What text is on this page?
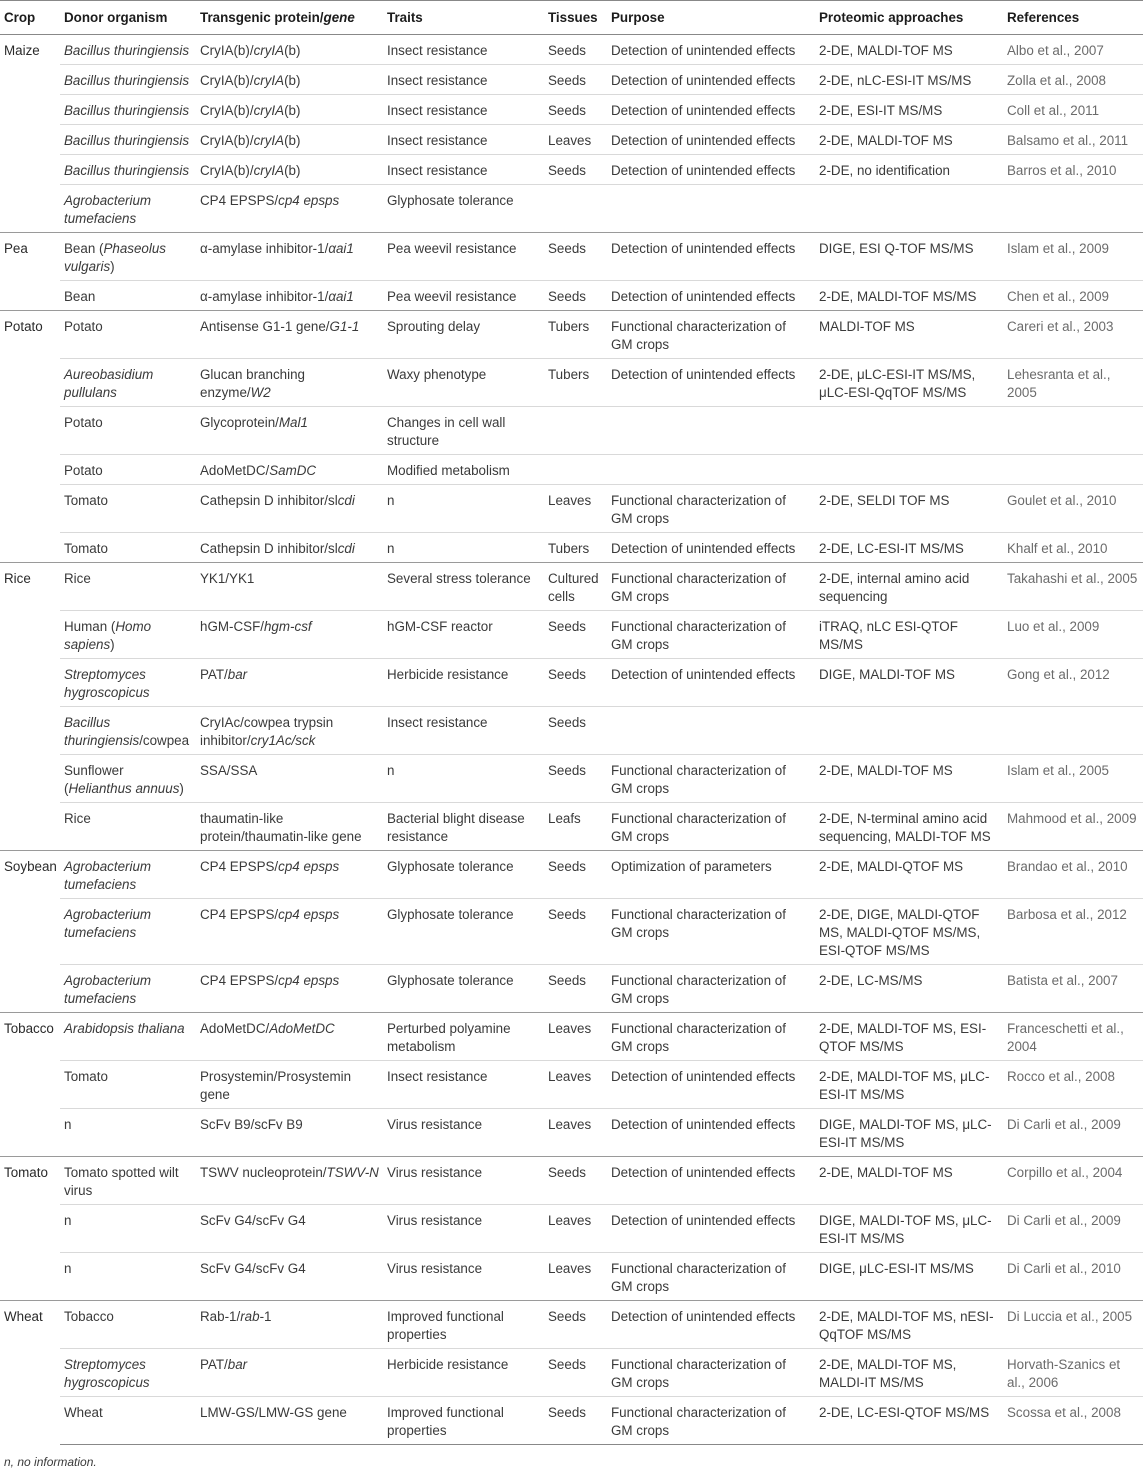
Crop	Donor organism	Transgenic protein/gene	Traits	Tissues	Purpose	Proteomic approaches	References
Maize	Bacillus thuringiensis	CryIA(b)/cryIA(b)	Insect resistance	Seeds	Detection of unintended effects	2-DE, MALDI-TOF MS	Albo et al., 2007
	Bacillus thuringiensis	CryIA(b)/cryIA(b)	Insect resistance	Seeds	Detection of unintended effects	2-DE, nLC-ESI-IT MS/MS	Zolla et al., 2008
	Bacillus thuringiensis	CryIA(b)/cryIA(b)	Insect resistance	Seeds	Detection of unintended effects	2-DE, ESI-IT MS/MS	Coll et al., 2011
	Bacillus thuringiensis	CryIA(b)/cryIA(b)	Insect resistance	Leaves	Detection of unintended effects	2-DE, MALDI-TOF MS	Balsamo et al., 2011
	Bacillus thuringiensis	CryIA(b)/cryIA(b)	Insect resistance	Seeds	Detection of unintended effects	2-DE, no identification	Barros et al., 2010
	Agrobacterium tumefaciens	CP4 EPSPS/cp4 epsps	Glyphosate tolerance				
Pea	Bean (Phaseolus vulgaris)	α-amylase inhibitor-1/αai1	Pea weevil resistance	Seeds	Detection of unintended effects	DIGE, ESI Q-TOF MS/MS	Islam et al., 2009
	Bean	α-amylase inhibitor-1/αai1	Pea weevil resistance	Seeds	Detection of unintended effects	2-DE, MALDI-TOF MS/MS	Chen et al., 2009
Potato	Potato	Antisense G1-1 gene/G1-1	Sprouting delay	Tubers	Functional characterization of GM crops	MALDI-TOF MS	Careri et al., 2003
	Aureobasidium pullulans	Glucan branching enzyme/W2	Waxy phenotype	Tubers	Detection of unintended effects	2-DE, μLC-ESI-IT MS/MS, μLC-ESI-QqTOF MS/MS	Lehesranta et al., 2005
	Potato	Glycoprotein/Mal1	Changes in cell wall structure				
	Potato	AdoMetDC/SamDC	Modified metabolism				
	Tomato	Cathepsin D inhibitor/slcdi	n	Leaves	Functional characterization of GM crops	2-DE, SELDI TOF MS	Goulet et al., 2010
	Tomato	Cathepsin D inhibitor/slcdi	n	Tubers	Detection of unintended effects	2-DE, LC-ESI-IT MS/MS	Khalf et al., 2010
Rice	Rice	YK1/YK1	Several stress tolerance	Cultured cells	Functional characterization of GM crops	2-DE, internal amino acid sequencing	Takahashi et al., 2005
	Human (Homo sapiens)	hGM-CSF/hgm-csf	hGM-CSF reactor	Seeds	Functional characterization of GM crops	iTRAQ, nLC ESI-QTOF MS/MS	Luo et al., 2009
	Streptomyces hygroscopicus	PAT/bar	Herbicide resistance	Seeds	Detection of unintended effects	DIGE, MALDI-TOF MS	Gong et al., 2012
	Bacillus thuringiensis/cowpea	CryIAc/cowpea trypsin inhibitor/cry1Ac/sck	Insect resistance	Seeds			
	Sunflower (Helianthus annuus)	SSA/SSA	n	Seeds	Functional characterization of GM crops	2-DE, MALDI-TOF MS	Islam et al., 2005
	Rice	thaumatin-like protein/thaumatin-like gene	Bacterial blight disease resistance	Leafs	Functional characterization of GM crops	2-DE, N-terminal amino acid sequencing, MALDI-TOF MS	Mahmood et al., 2009
Soybean	Agrobacterium tumefaciens	CP4 EPSPS/cp4 epsps	Glyphosate tolerance	Seeds	Optimization of parameters	2-DE, MALDI-QTOF MS	Brandao et al., 2010
	Agrobacterium tumefaciens	CP4 EPSPS/cp4 epsps	Glyphosate tolerance	Seeds	Functional characterization of GM crops	2-DE, DIGE, MALDI-QTOF MS, MALDI-QTOF MS/MS, ESI-QTOF MS/MS	Barbosa et al., 2012
	Agrobacterium tumefaciens	CP4 EPSPS/cp4 epsps	Glyphosate tolerance	Seeds	Functional characterization of GM crops	2-DE, LC-MS/MS	Batista et al., 2007
Tobacco	Arabidopsis thaliana	AdoMetDC/AdoMetDC	Perturbed polyamine metabolism	Leaves	Functional characterization of GM crops	2-DE, MALDI-TOF MS, ESI-QTOF MS/MS	Franceschetti et al., 2004
	Tomato	Prosystemin/Prosystemin gene	Insect resistance	Leaves	Detection of unintended effects	2-DE, MALDI-TOF MS, μLC-ESI-IT MS/MS	Rocco et al., 2008
	n	ScFv B9/scFv B9	Virus resistance	Leaves	Detection of unintended effects	DIGE, MALDI-TOF MS, μLC-ESI-IT MS/MS	Di Carli et al., 2009
Tomato	Tomato spotted wilt virus	TSWV nucleoprotein/TSWV-N	Virus resistance	Seeds	Detection of unintended effects	2-DE, MALDI-TOF MS	Corpillo et al., 2004
	n	ScFv G4/scFv G4	Virus resistance	Leaves	Detection of unintended effects	DIGE, MALDI-TOF MS, μLC-ESI-IT MS/MS	Di Carli et al., 2009
	n	ScFv G4/scFv G4	Virus resistance	Leaves	Functional characterization of GM crops	DIGE, μLC-ESI-IT MS/MS	Di Carli et al., 2010
Wheat	Tobacco	Rab-1/rab-1	Improved functional properties	Seeds	Detection of unintended effects	2-DE, MALDI-TOF MS, nESI-QqTOF MS/MS	Di Luccia et al., 2005
	Streptomyces hygroscopicus	PAT/bar	Herbicide resistance	Seeds	Functional characterization of GM crops	2-DE, MALDI-TOF MS, MALDI-IT MS/MS	Horvath-Szanics et al., 2006
	Wheat	LMW-GS/LMW-GS gene	Improved functional properties	Seeds	Functional characterization of GM crops	2-DE, LC-ESI-QTOF MS/MS	Scossa et al., 2008
n, no information.
